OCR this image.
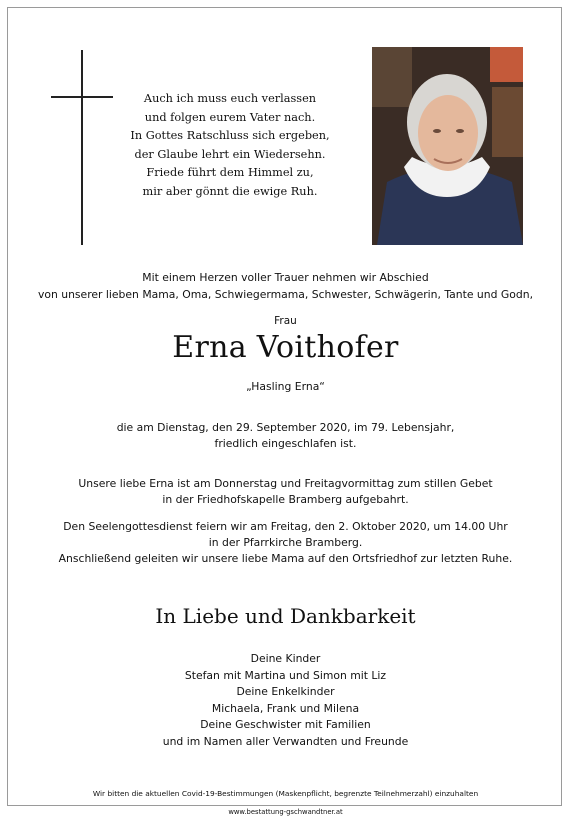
Auch ich muss euch verlassen
und folgen eurem Vater nach.
In Gottes Ratschluss sich ergeben,
der Glaube lehrt ein Wiedersehn.
Friede führt dem Himmel zu,
mir aber gönnt die ewige Ruh.
Mit einem Herzen voller Trauer nehmen wir Abschied
von unserer lieben Mama, Oma, Schwiegermama, Schwester, Schwägerin, Tante und Godn,
Frau
Erna Voithofer
„Hasling Erna“
die am Dienstag, den 29. September 2020, im 79. Lebensjahr,
friedlich eingeschlafen ist.
Unsere liebe Erna ist am Donnerstag und Freitagvormittag zum stillen Gebet
in der Friedhofskapelle Bramberg aufgebahrt.
Den Seelengottesdienst feiern wir am Freitag, den 2. Oktober 2020, um 14.00 Uhr
in der Pfarrkirche Bramberg.
Anschließend geleiten wir unsere liebe Mama auf den Ortsfriedhof zur letzten Ruhe.
In Liebe und Dankbarkeit
Deine Kinder
Stefan mit Martina und Simon mit Liz
Deine Enkelkinder
Michaela, Frank und Milena
Deine Geschwister mit Familien
und im Namen aller Verwandten und Freunde
Wir bitten die aktuellen Covid-19-Bestimmungen (Maskenpflicht, begrenzte Teilnehmerzahl) einzuhalten
www.bestattung-gschwandtner.at
